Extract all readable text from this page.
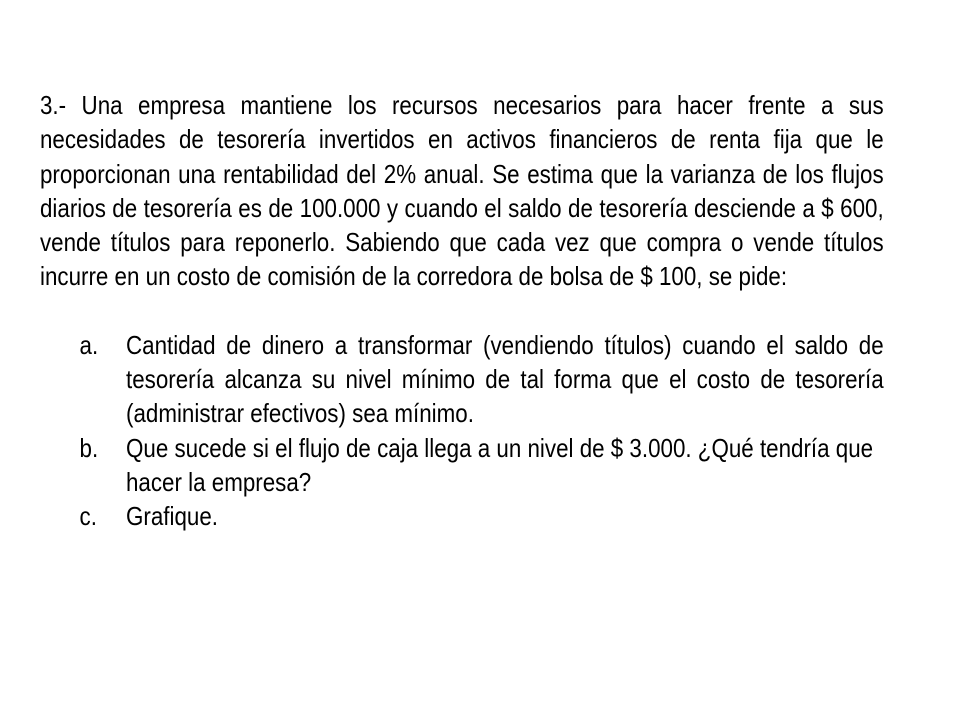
3.- Una empresa mantiene los recursos necesarios para hacer frente a sus necesidades de tesorería invertidos en activos financieros de renta fija que le proporcionan una rentabilidad del 2% anual. Se estima que la varianza de los flujos diarios de tesorería es de 100.000 y cuando el saldo de tesorería desciende a $ 600, vende títulos para reponerlo. Sabiendo que cada vez que compra o vende títulos incurre en un costo de comisión de la corredora de bolsa de $ 100, se pide:

a.	Cantidad de dinero a transformar (vendiendo títulos) cuando el saldo de tesorería alcanza su nivel mínimo de tal forma que el costo de tesorería (administrar efectivos) sea mínimo.
b.	Que sucede si el flujo de caja llega a un nivel de $ 3.000. ¿Qué tendría que hacer la empresa?
c.	Grafique.
